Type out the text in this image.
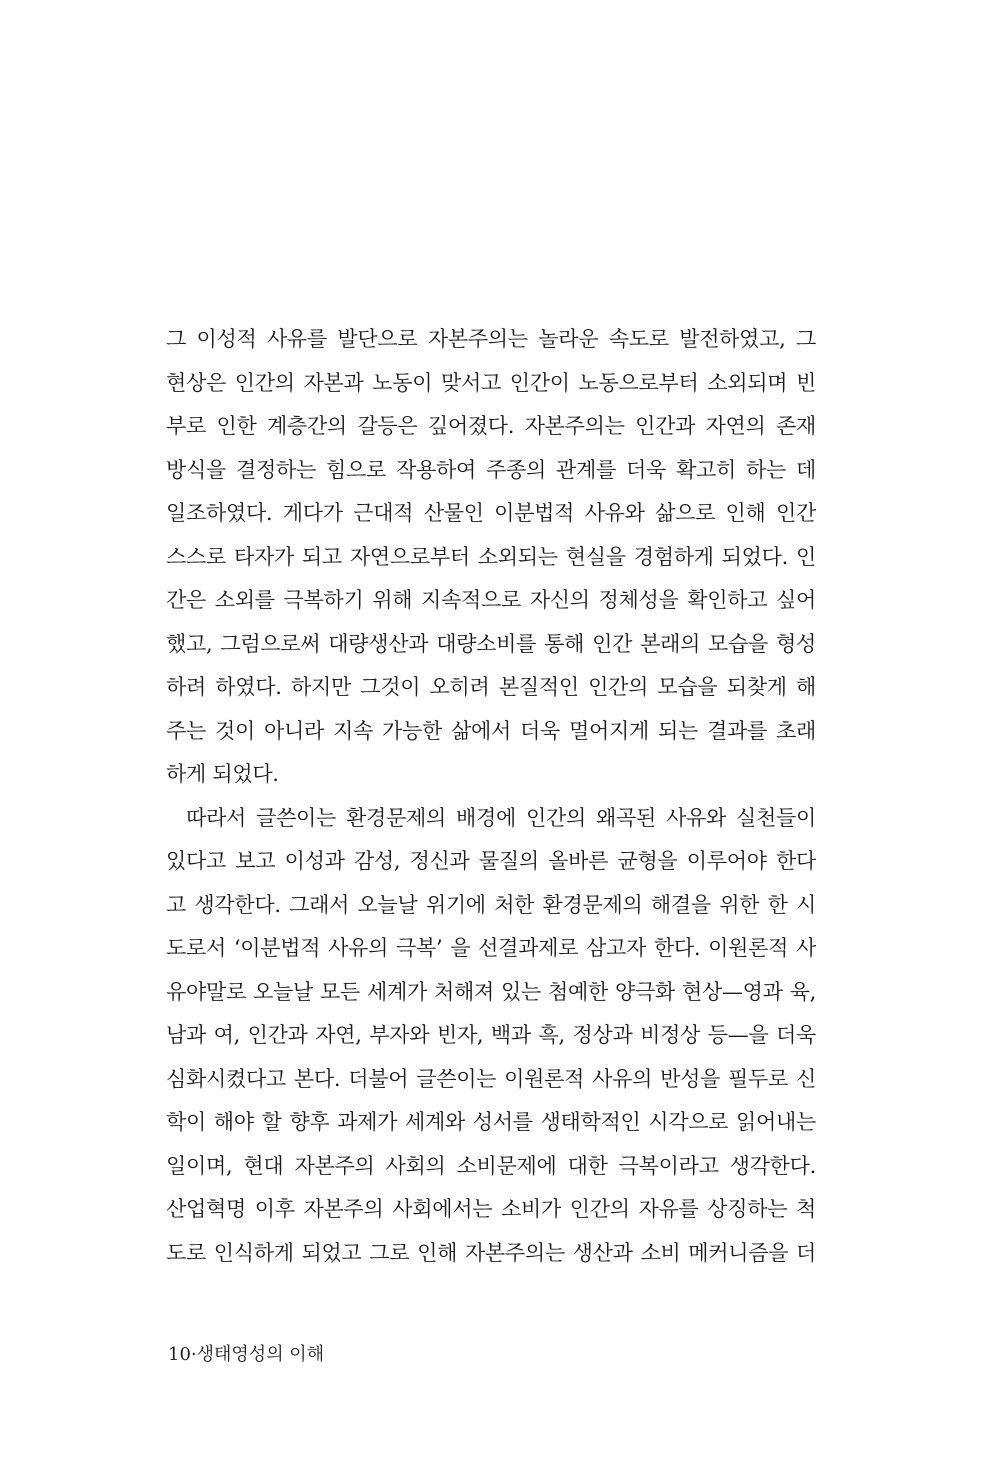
그 이성적 사유를 발단으로 자본주의는 놀라운 속도로 발전하였고, 그
현상은 인간의 자본과 노동이 맞서고 인간이 노동으로부터 소외되며 빈
부로 인한 계층간의 갈등은 깊어졌다. 자본주의는 인간과 자연의 존재
방식을 결정하는 힘으로 작용하여 주종의 관계를 더욱 확고히 하는 데
일조하였다. 게다가 근대적 산물인 이분법적 사유와 삶으로 인해 인간
스스로 타자가 되고 자연으로부터 소외되는 현실을 경험하게 되었다. 인
간은 소외를 극복하기 위해 지속적으로 자신의 정체성을 확인하고 싶어
했고, 그럼으로써 대량생산과 대량소비를 통해 인간 본래의 모습을 형성
하려 하였다. 하지만 그것이 오히려 본질적인 인간의 모습을 되찾게 해
주는 것이 아니라 지속 가능한 삶에서 더욱 멀어지게 되는 결과를 초래
하게 되었다.
따라서 글쓴이는 환경문제의 배경에 인간의 왜곡된 사유와 실천들이
있다고 보고 이성과 감성, 정신과 물질의 올바른 균형을 이루어야 한다
고 생각한다. 그래서 오늘날 위기에 처한 환경문제의 해결을 위한 한 시
도로서 ‘이분법적 사유의 극복’ 을 선결과제로 삼고자 한다. 이원론적 사
유야말로 오늘날 모든 세계가 처해져 있는 첨예한 양극화 현상—영과 육,
남과 여, 인간과 자연, 부자와 빈자, 백과 흑, 정상과 비정상 등—을 더욱
심화시켰다고 본다. 더불어 글쓴이는 이원론적 사유의 반성을 필두로 신
학이 해야 할 향후 과제가 세계와 성서를 생태학적인 시각으로 읽어내는
일이며, 현대 자본주의 사회의 소비문제에 대한 극복이라고 생각한다.
산업혁명 이후 자본주의 사회에서는 소비가 인간의 자유를 상징하는 척
도로 인식하게 되었고 그로 인해 자본주의는 생산과 소비 메커니즘을 더
10·생태영성의 이해
